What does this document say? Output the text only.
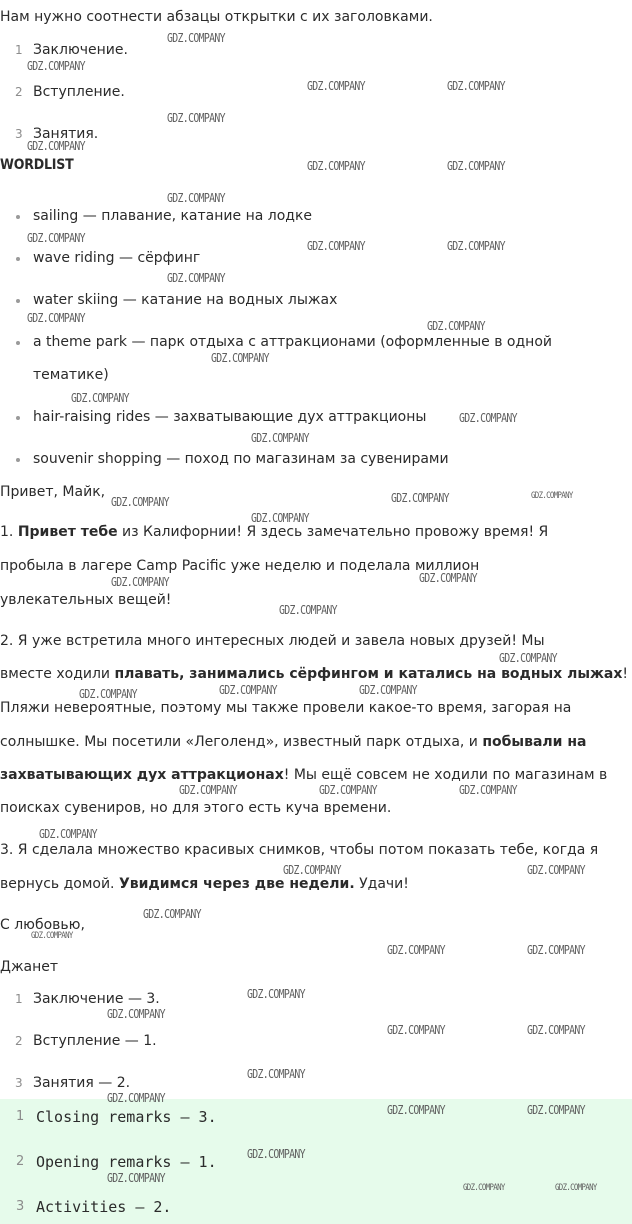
Нам нужно соотнести абзацы открытки с их заголовками.
1 Заключение.
2 Вступление.
3 Занятия.
WORDLIST
sailing — плавание, катание на лодке
wave riding — сёрфинг
water skiing — катание на водных лыжах
a theme park — парк отдыха с аттракционами (оформленные в одной
тематике)
hair-raising rides — захватывающие дух аттракционы
souvenir shopping — поход по магазинам за сувенирами
Привет, Майк,
1. Привет тебе из Калифорнии! Я здесь замечательно провожу время! Я
пробыла в лагере Camp Pacific уже неделю и поделала миллион
увлекательных вещей!
2. Я уже встретила много интересных людей и завела новых друзей! Мы
вместе ходили плавать, занимались сёрфингом и катались на водных лыжах!
Пляжи невероятные, поэтому мы также провели какое-то время, загорая на
солнышке. Мы посетили «Леголенд», известный парк отдыха, и побывали на
захватывающих дух аттракционах! Мы ещё совсем не ходили по магазинам в
поисках сувениров, но для этого есть куча времени.
3. Я сделала множество красивых снимков, чтобы потом показать тебе, когда я
вернусь домой. Увидимся через две недели. Удачи!
С любовью,
Джанет
1 Заключение — 3.
2 Вступление — 1.
3 Занятия — 2.
1 Closing remarks — 3.
2 Opening remarks — 1.
3 Activities — 2.
GDZ.COMPANY
GDZ.COMPANY
GDZ.COMPANY	GDZ.COMPANY
GDZ.COMPANY
GDZ.COMPANY
GDZ.COMPANY	GDZ.COMPANY
GDZ.COMPANY
GDZ.COMPANY
GDZ.COMPANY	GDZ.COMPANY
GDZ.COMPANY
GDZ.COMPANY
GDZ.COMPANY
GDZ.COMPANY
GDZ.COMPANY
GDZ.COMPANY
GDZ.COMPANY
GDZ.COMPANY	GDZ.COMPANY
GDZ.COMPANY
GDZ.COMPANY
GDZ.COMPANY
GDZ.COMPANY
GDZ.COMPANY
GDZ.COMPANY
GDZ.COMPANY	GDZ.COMPANY	GDZ.COMPANY
GDZ.COMPANY	GDZ.COMPANY	GDZ.COMPANY
GDZ.COMPANY
GDZ.COMPANY	GDZ.COMPANY
GDZ.COMPANY
GDZ.COMPANY
GDZ.COMPANY	GDZ.COMPANY
GDZ.COMPANY
GDZ.COMPANY
GDZ.COMPANY	GDZ.COMPANY
GDZ.COMPANY
GDZ.COMPANY
GDZ.COMPANY	GDZ.COMPANY
GDZ.COMPANY
GDZ.COMPANY
GDZ.COMPANY	GDZ.COMPANY
